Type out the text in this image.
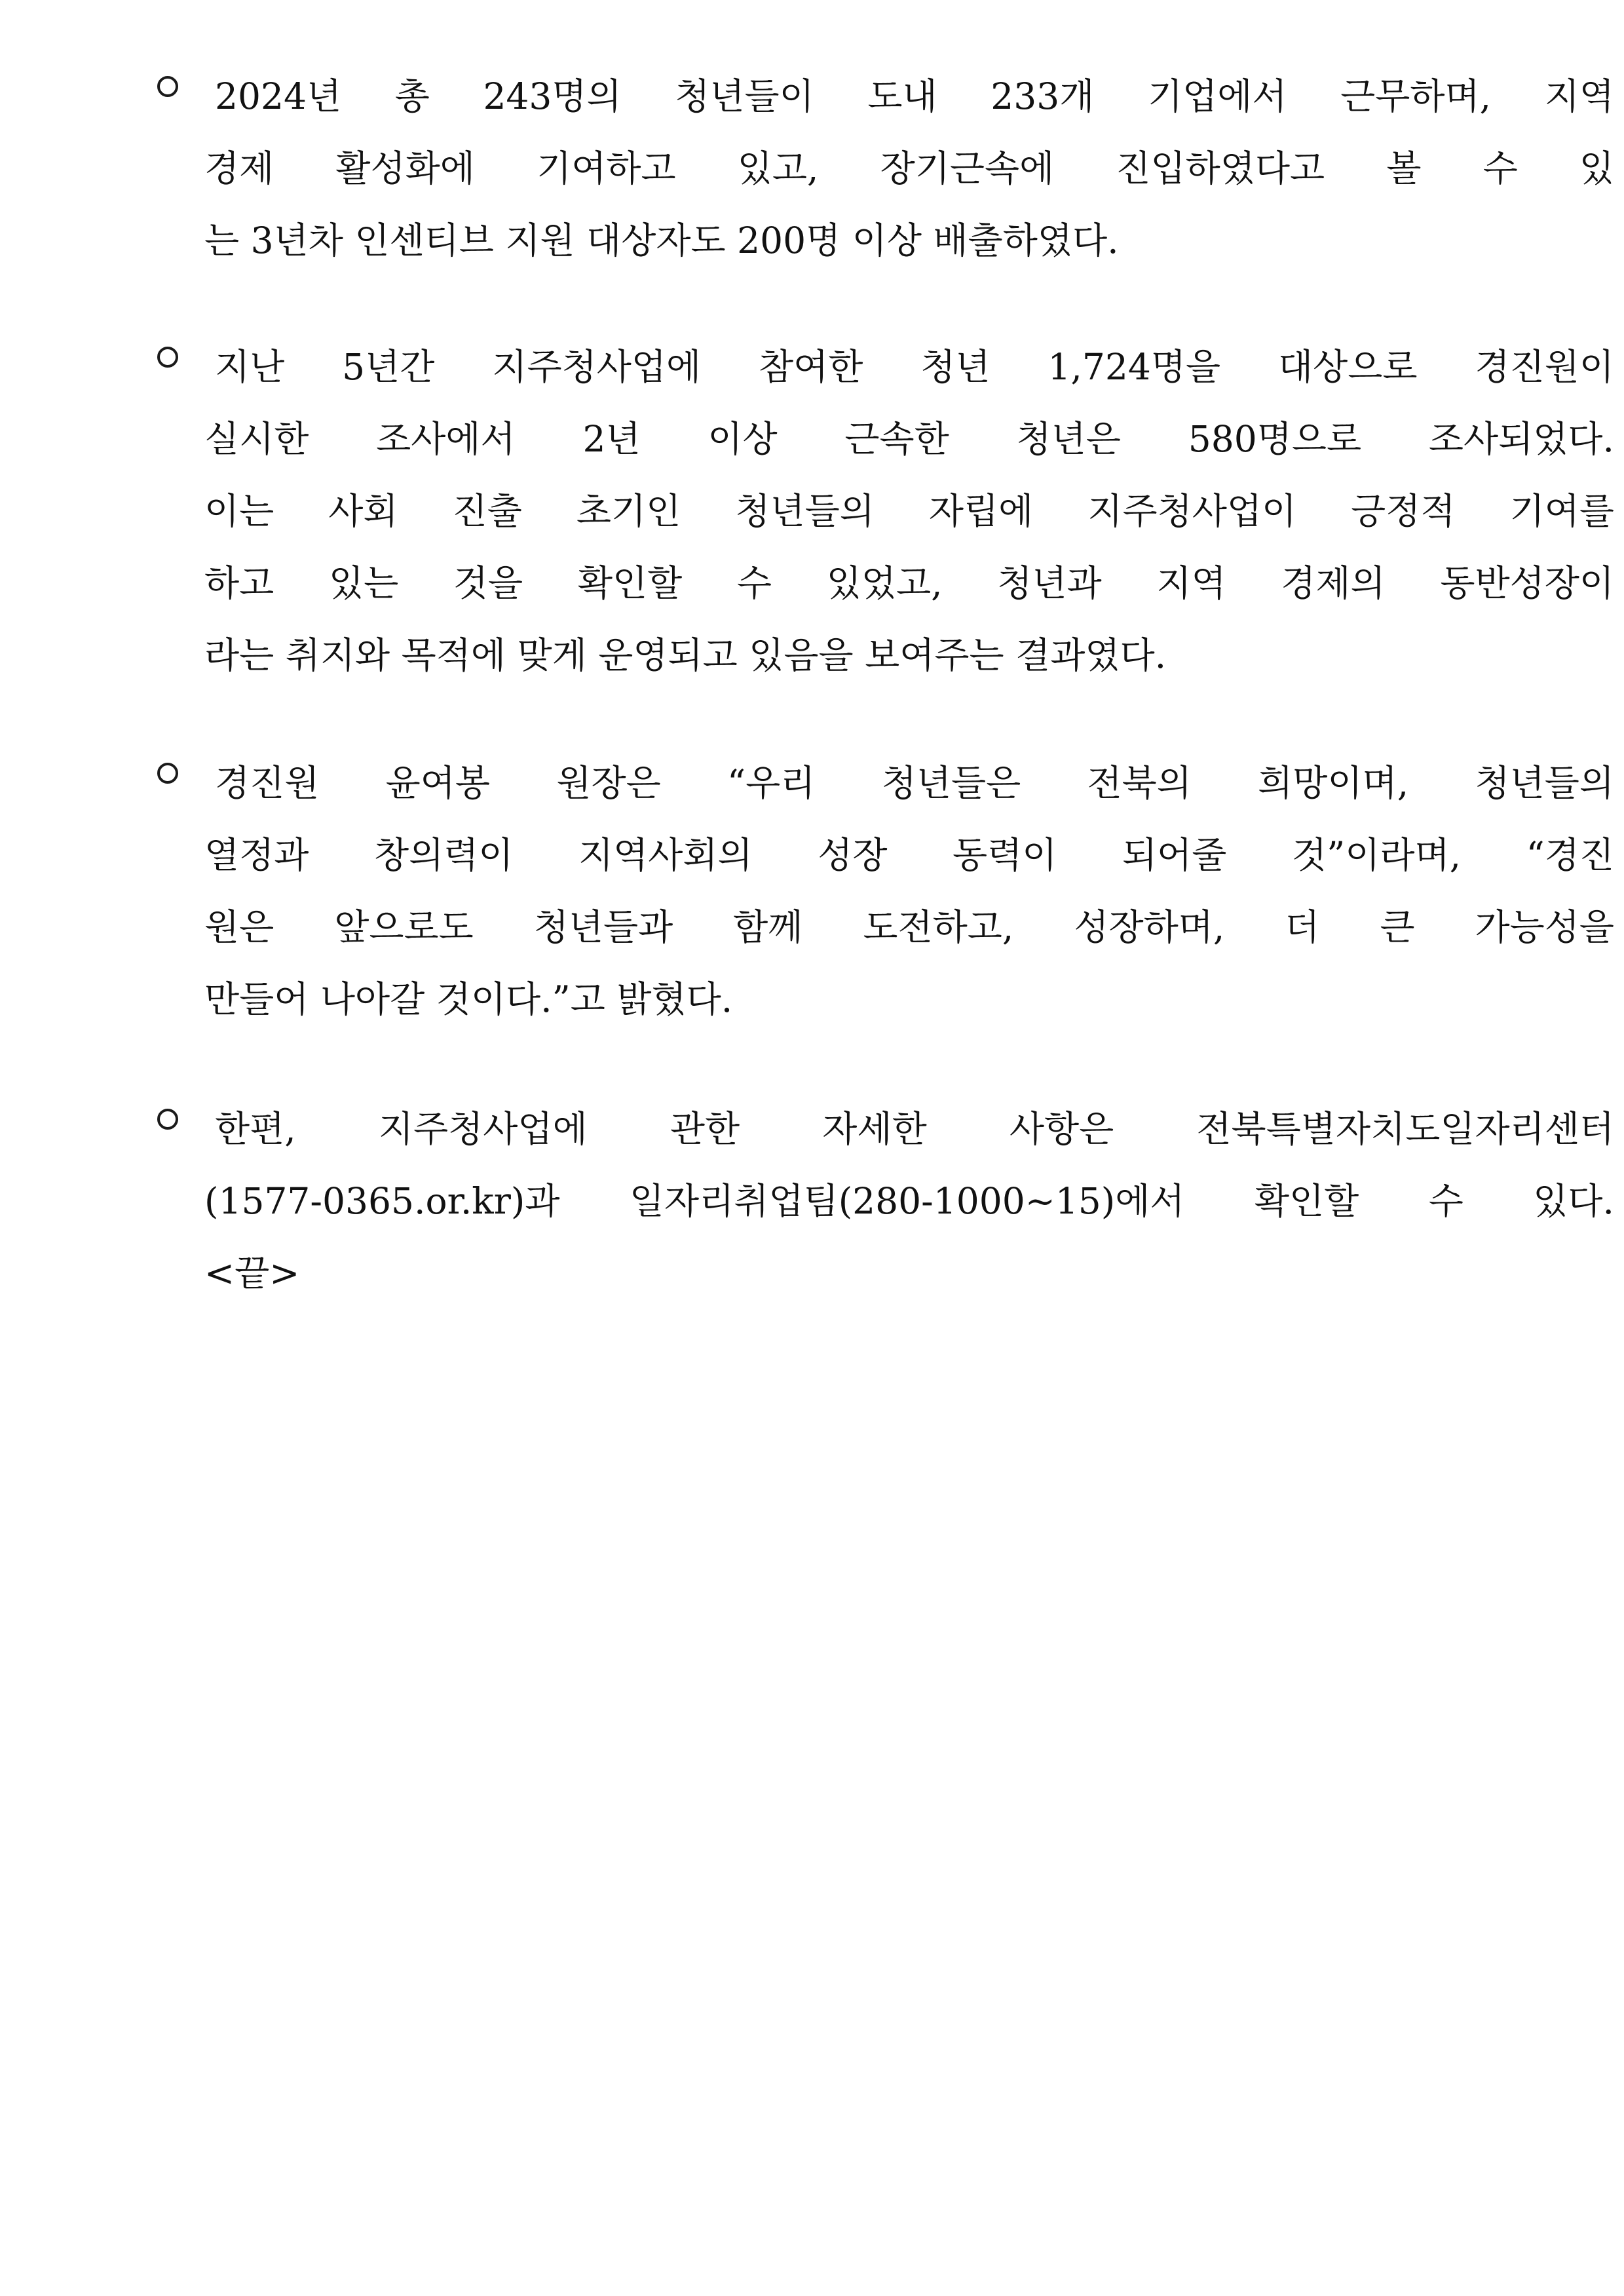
2024년 총 243명의 청년들이 도내 233개 기업에서 근무하며, 지역
경제 활성화에 기여하고 있고, 장기근속에 진입하였다고 볼 수 있
는 3년차 인센티브 지원 대상자도 200명 이상 배출하였다.
지난 5년간 지주청사업에 참여한 청년 1,724명을 대상으로 경진원이
실시한 조사에서 2년 이상 근속한 청년은 580명으로 조사되었다.
이는 사회 진출 초기인 청년들의 자립에 지주청사업이 긍정적 기여를
하고 있는 것을 확인할 수 있었고, 청년과 지역 경제의 동반성장이
라는 취지와 목적에 맞게 운영되고 있음을 보여주는 결과였다.
경진원 윤여봉 원장은 “우리 청년들은 전북의 희망이며, 청년들의
열정과 창의력이 지역사회의 성장 동력이 되어줄 것”이라며, “경진
원은 앞으로도 청년들과 함께 도전하고, 성장하며, 더 큰 가능성을
만들어 나아갈 것이다.”고 밝혔다.
한편, 지주청사업에 관한 자세한 사항은 전북특별자치도일자리센터
(1577-0365.or.kr)과 일자리취업팀(280-1000~15)에서 확인할 수 있다.
<끝>
